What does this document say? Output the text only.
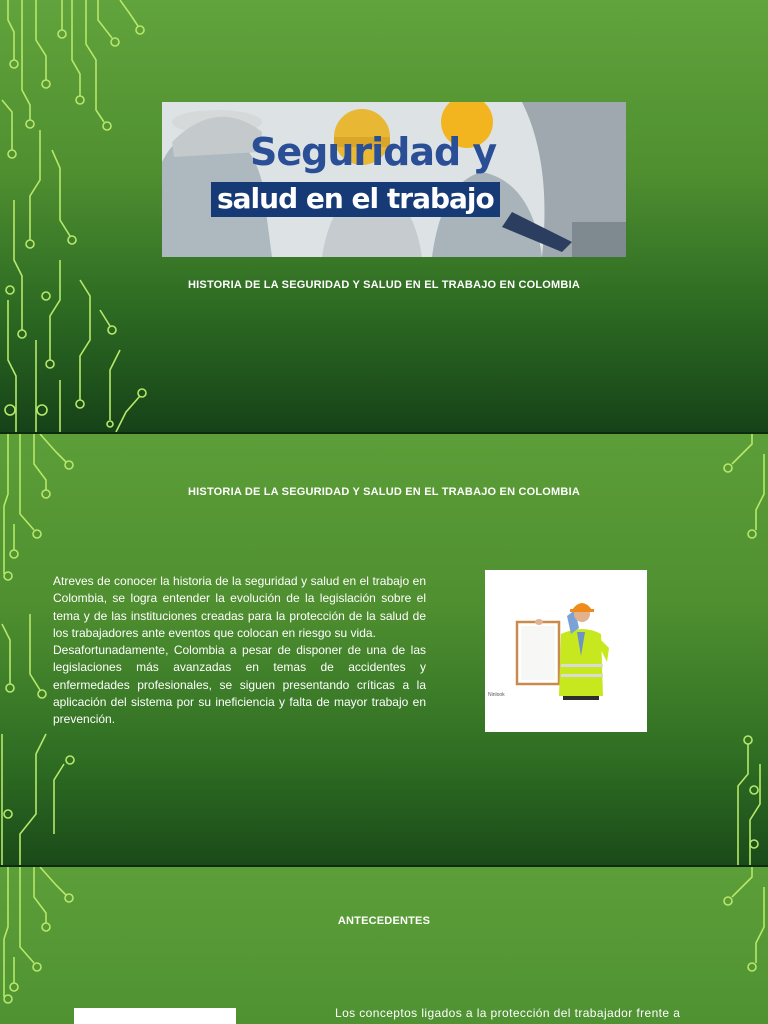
Seguridad y
salud en el trabajo
HISTORIA DE LA SEGURIDAD Y SALUD EN EL TRABAJO EN COLOMBIA
HISTORIA DE LA SEGURIDAD Y SALUD EN EL TRABAJO EN COLOMBIA

Atreves de conocer la historia de la seguridad y salud en el trabajo en Colombia, se logra entender la evolución de la legislación sobre el tema y de las instituciones creadas para la protección de la salud de los trabajadores ante eventos que colocan en riesgo su vida.

Desafortunadamente, Colombia a pesar de disponer de una de las legislaciones más avanzadas en temas de accidentes y enfermedades profesionales, se siguen presentando críticas a la aplicación del sistema por su ineficiencia y falta de mayor trabajo en prevención.

Ninlook
ANTECEDENTES
Los conceptos ligados a la protección del trabajador frente a
